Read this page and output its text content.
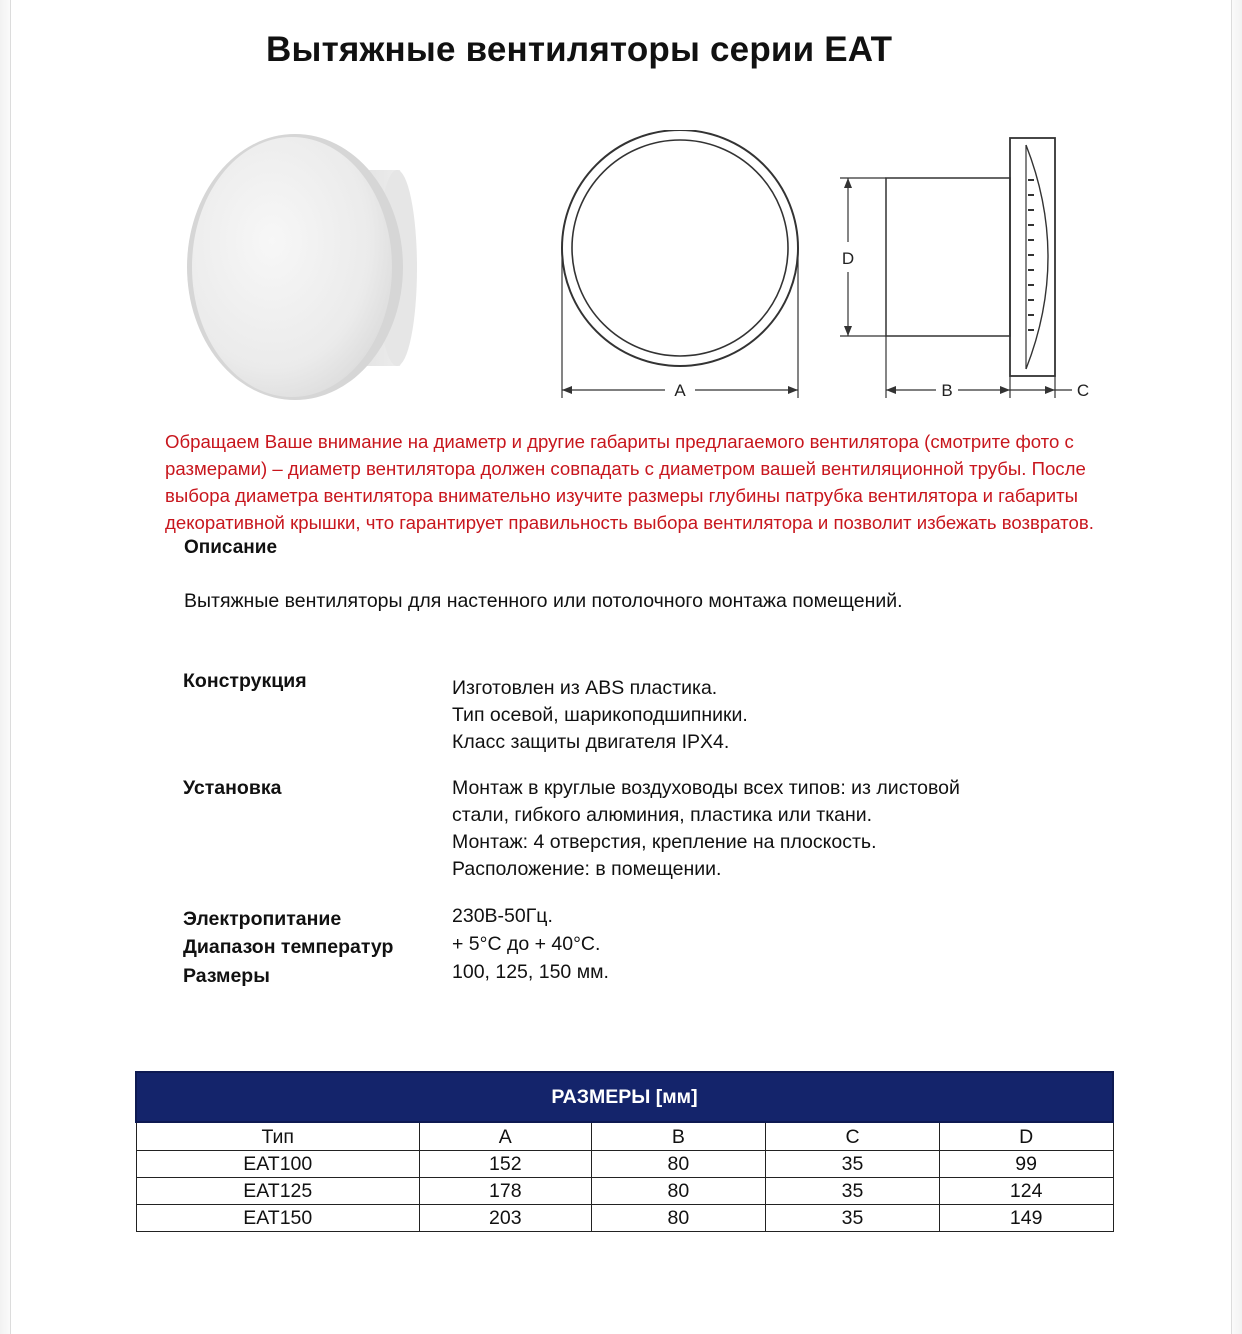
Вытяжные вентиляторы серии EAT
A
D
B	C
Обращаем Ваше внимание на диаметр и другие габариты предлагаемого вентилятора (смотрите фото с размерами) – диаметр вентилятора должен совпадать с диаметром вашей вентиляционной трубы. После выбора диаметра вентилятора внимательно изучите размеры глубины патрубка вентилятора и габариты декоративной крышки, что гарантирует правильность выбора вентилятора и позволит избежать возвратов.
Описание
Вытяжные вентиляторы для настенного или потолочного монтажа помещений.
Конструкция	Изготовлен из ABS пластика.
Тип осевой, шарикоподшипники.
Класс защиты двигателя IPX4.
Установка	Монтаж в круглые воздуховоды всех типов: из листовой
стали, гибкого алюминия, пластика или ткани.
Монтаж: 4 отверстия, крепление на плоскость.
Расположение: в помещении.
Электропитание	230В-50Гц.
Диапазон температур	+ 5°C до + 40°C.
Размеры	100, 125, 150 мм.
РАЗМЕРЫ [мм]				
Тип	A	B	C	D
EAT100	152	80	35	99
EAT125	178	80	35	124
EAT150	203	80	35	149
